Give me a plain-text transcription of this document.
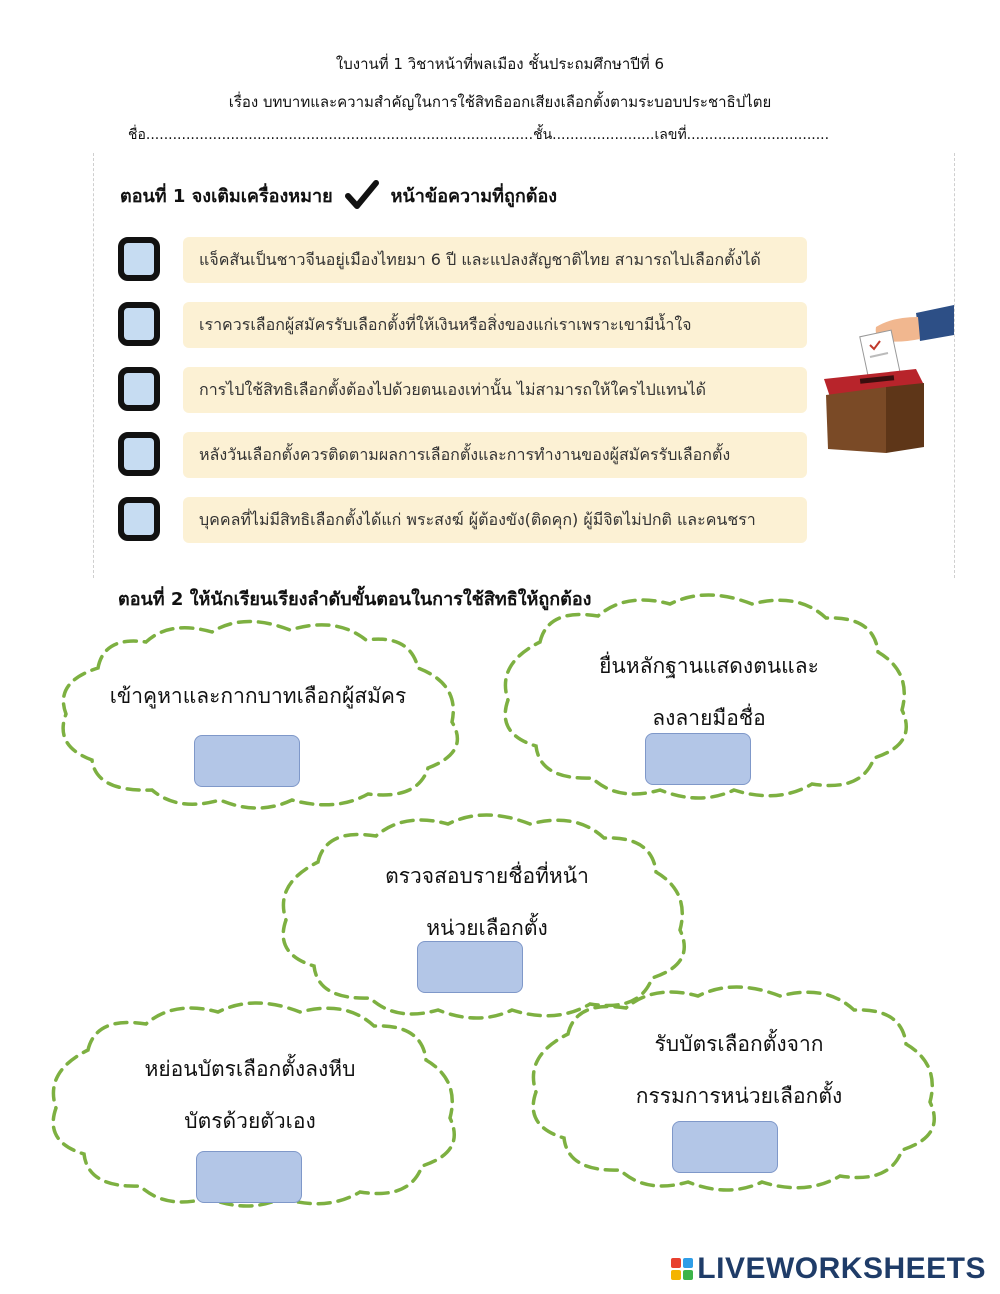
ใบงานที่ 1 วิชาหน้าที่พลเมือง ชั้นประถมศึกษาปีที่ 6
เรื่อง บทบาทและความสำคัญในการใช้สิทธิออกเสียงเลือกตั้งตามระบอบประชาธิปไตย
ชื่อ.......................................................................................ชั้น.......................เลขที่................................
ตอนที่ 1 จงเติมเครื่องหมาย	หน้าข้อความที่ถูกต้อง
แจ็คสันเป็นชาวจีนอยู่เมืองไทยมา 6 ปี และแปลงสัญชาติไทย สามารถไปเลือกตั้งได้
เราควรเลือกผู้สมัครรับเลือกตั้งที่ให้เงินหรือสิ่งของแก่เราเพราะเขามีน้ำใจ
การไปใช้สิทธิเลือกตั้งต้องไปด้วยตนเองเท่านั้น ไม่สามารถให้ใครไปแทนได้
หลังวันเลือกตั้งควรติดตามผลการเลือกตั้งและการทำงานของผู้สมัครรับเลือกตั้ง
บุคคลที่ไม่มีสิทธิเลือกตั้งได้แก่ พระสงฆ์ ผู้ต้องขัง(ติดคุก) ผู้มีจิตไม่ปกติ และคนชรา
ตอนที่ 2 ให้นักเรียนเรียงลำดับขั้นตอนในการใช้สิทธิให้ถูกต้อง
เข้าคูหาและกากบาทเลือกผู้สมัคร
ยื่นหลักฐานแสดงตนและ
ลงลายมือชื่อ
ตรวจสอบรายชื่อที่หน้า
หน่วยเลือกตั้ง
หย่อนบัตรเลือกตั้งลงหีบ
บัตรด้วยตัวเอง
รับบัตรเลือกตั้งจาก
กรรมการหน่วยเลือกตั้ง
LIVEWORKSHEETS
